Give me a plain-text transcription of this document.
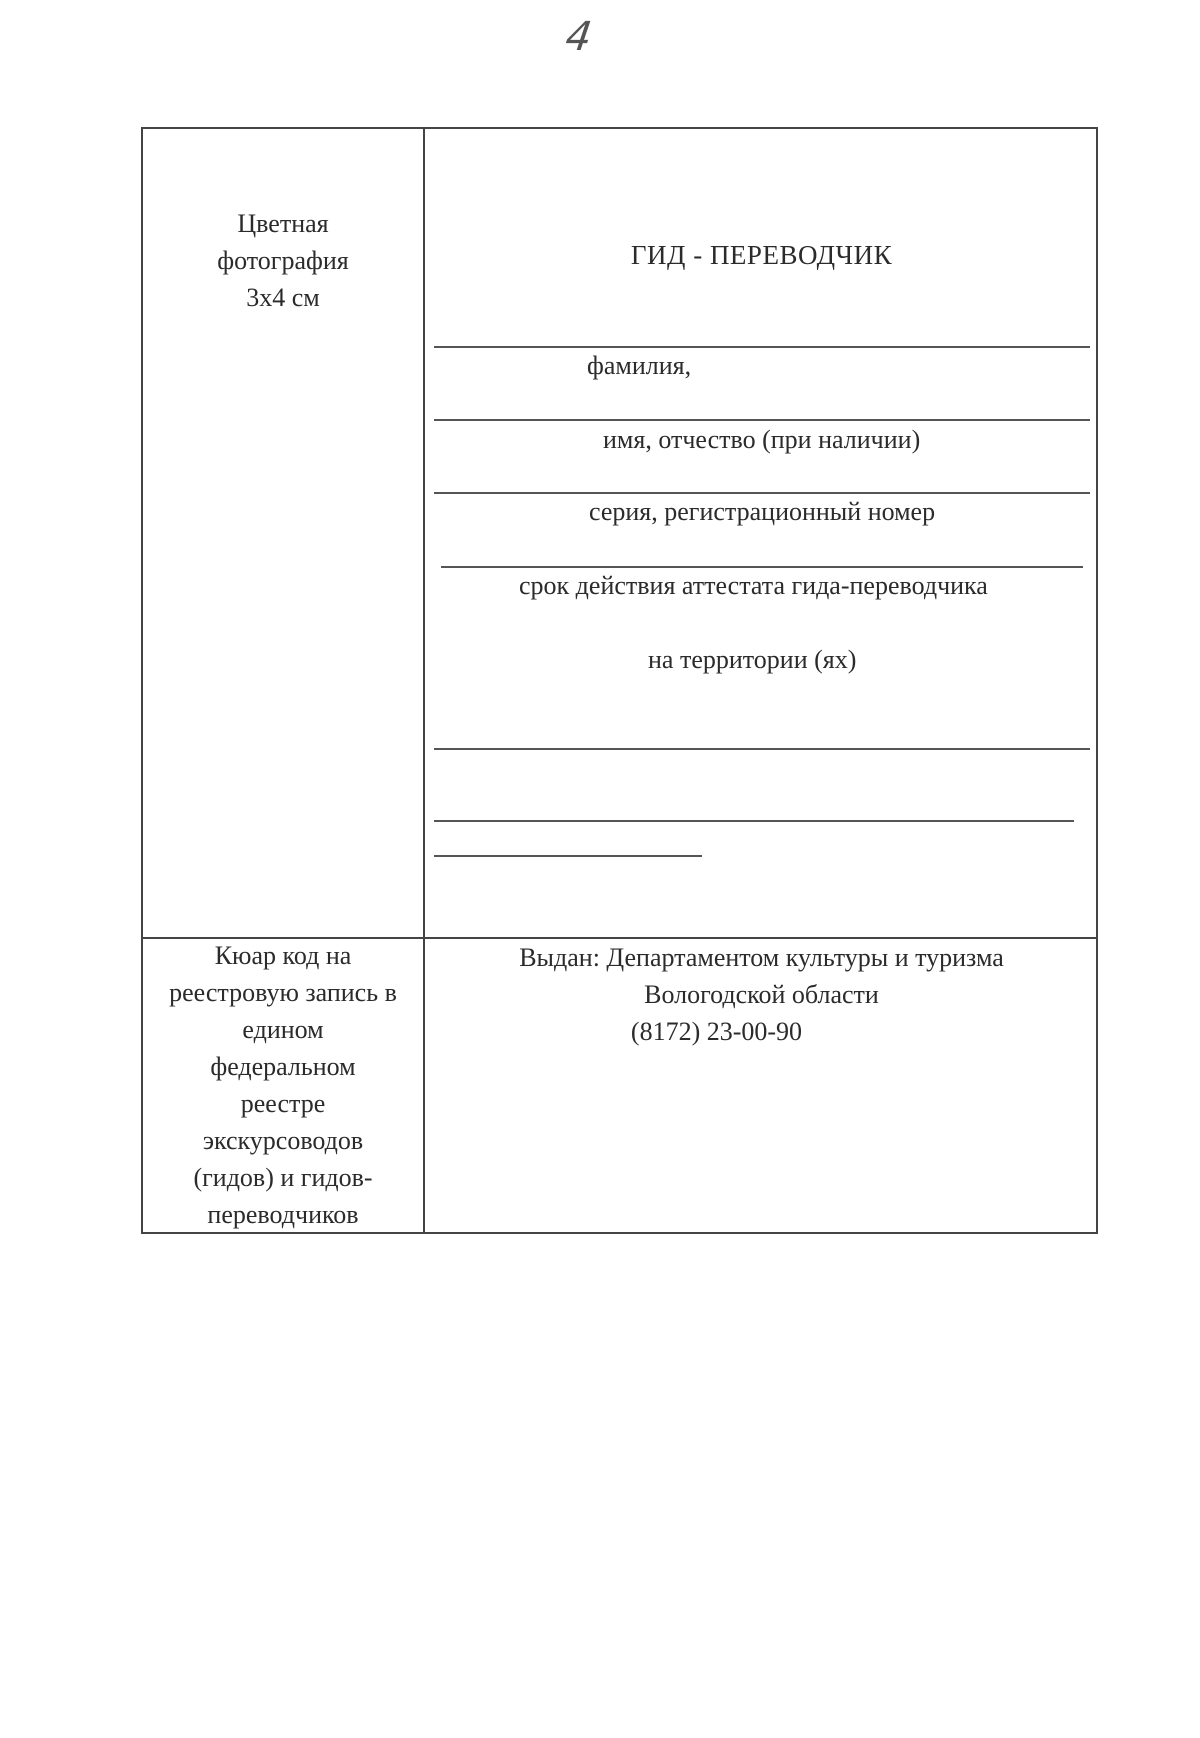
4
Цветная
фотография
3х4 см
ГИД - ПЕРЕВОДЧИК
фамилия,
имя, отчество (при наличии)
серия, регистрационный номер
срок действия аттестата гида-переводчика
на территории (ях)
Кюар код на
реестровую запись в
едином
федеральном
реестре
экскурсоводов
(гидов) и гидов-
переводчиков
Выдан: Департаментом культуры и туризма
Вологодской области
(8172) 23-00-90
